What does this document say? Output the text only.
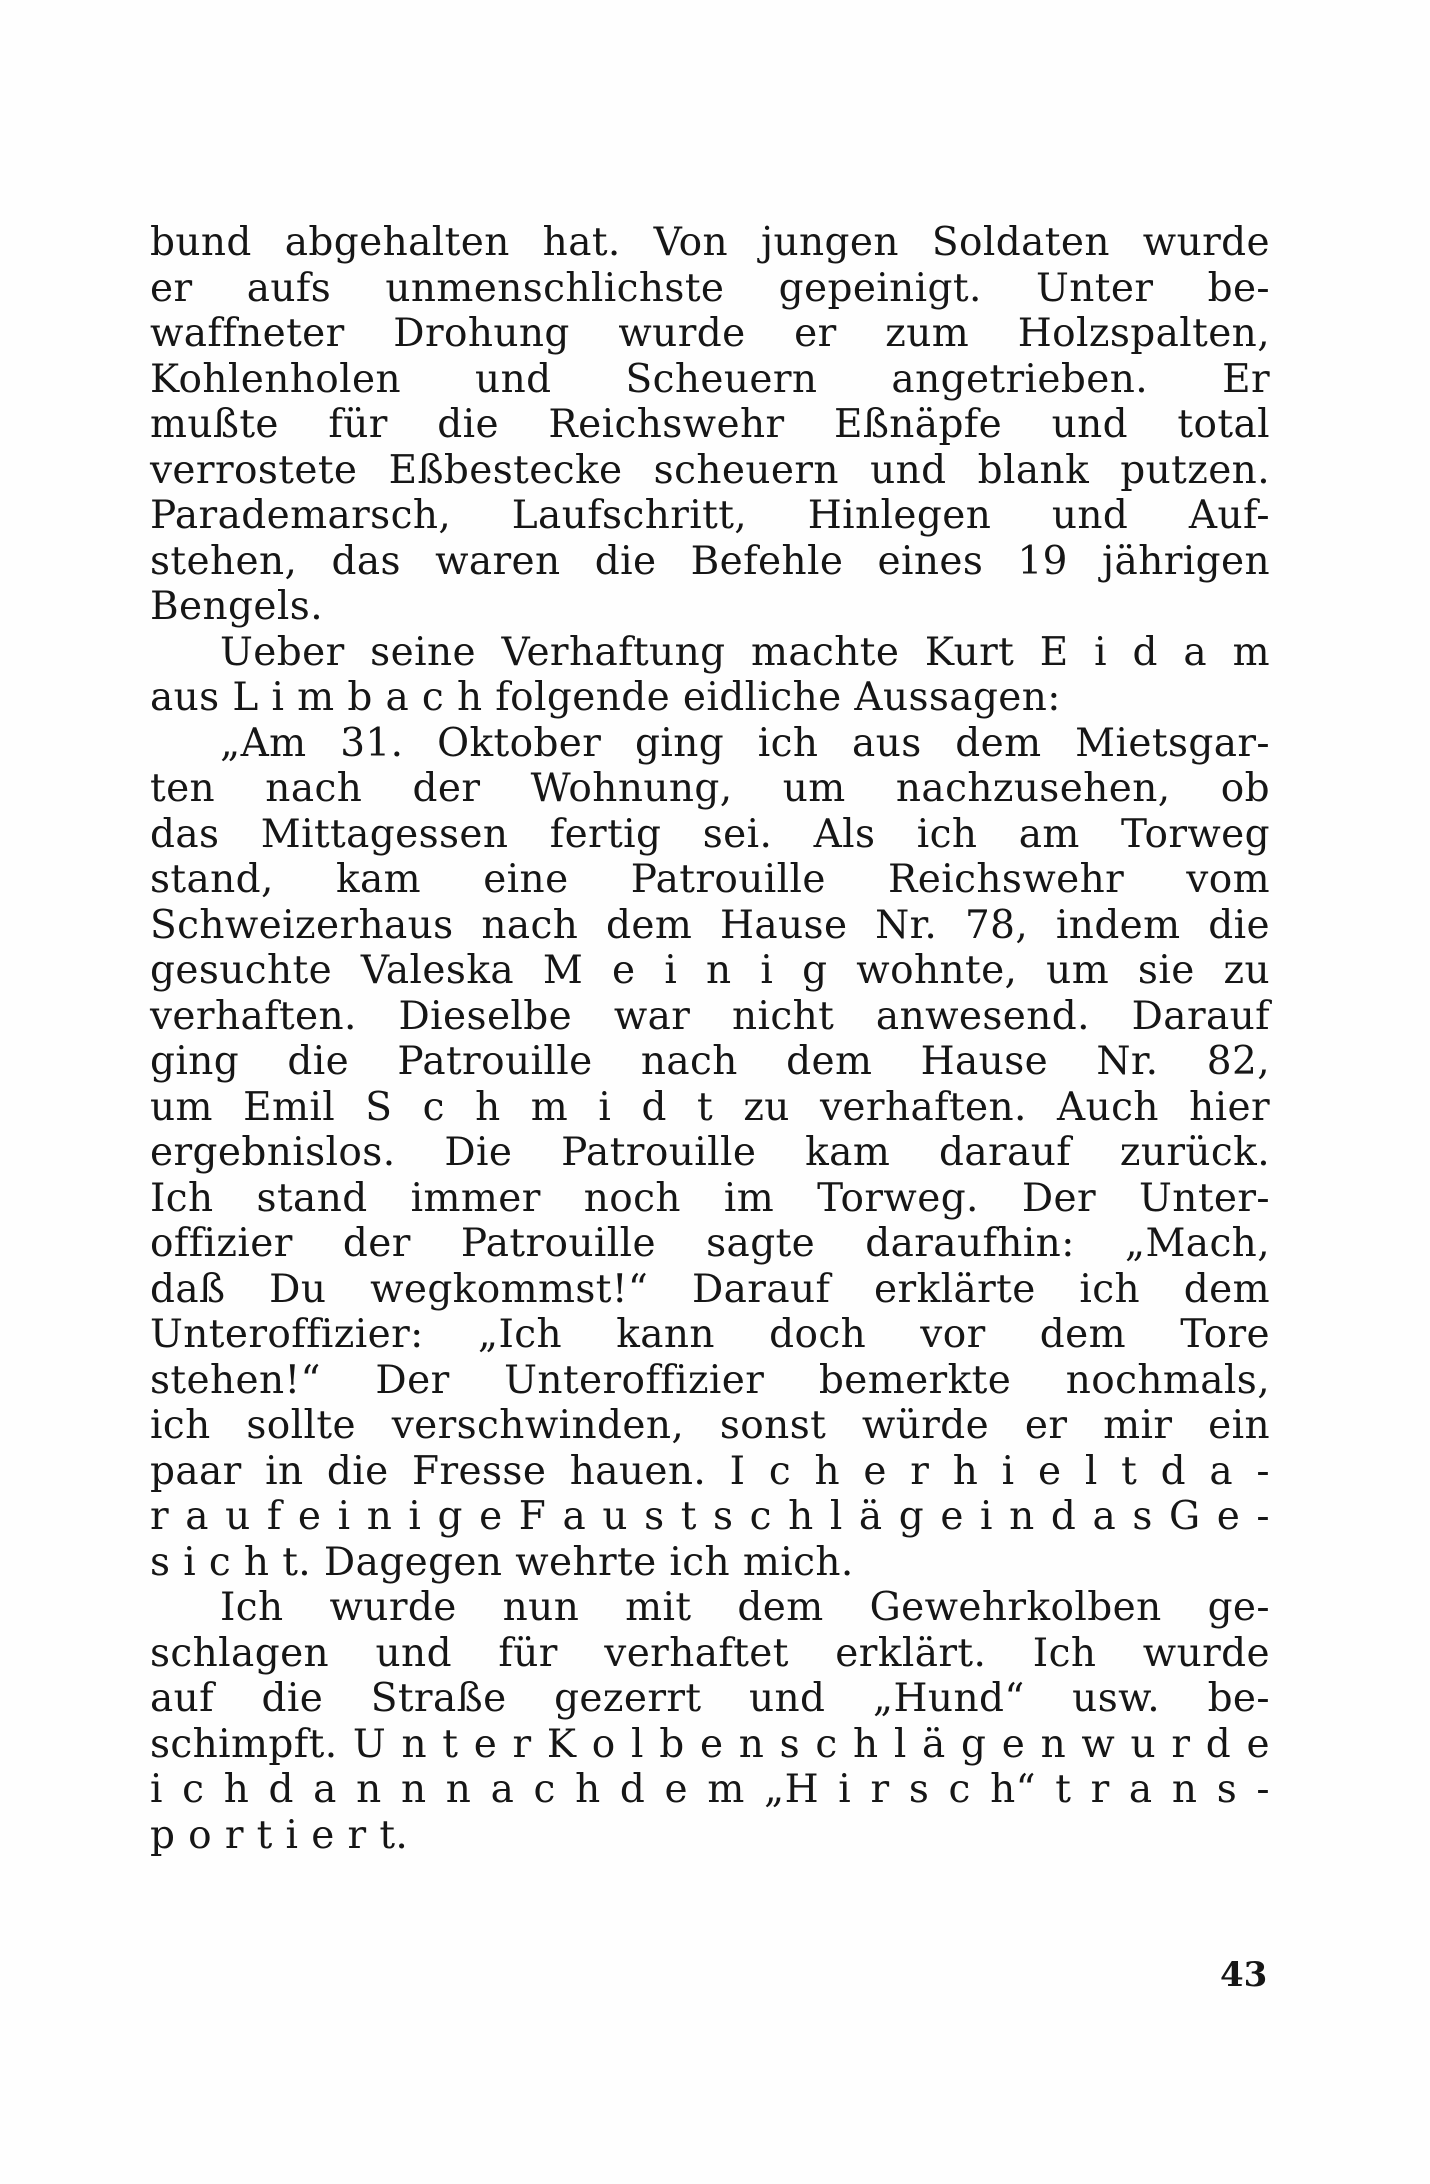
bund abgehalten hat. Von jungen Soldaten wurde
er aufs unmenschlichste gepeinigt. Unter be-
waffneter Drohung wurde er zum Holzspalten,
Kohlenholen und Scheuern angetrieben. Er
mußte für die Reichswehr Eßnäpfe und total
verrostete Eßbestecke scheuern und blank putzen.
Parademarsch, Laufschritt, Hinlegen und Auf-
stehen, das waren die Befehle eines 19 jährigen
Bengels.
Ueber seine Verhaftung machte Kurt E i d a m
aus L i m b a c h folgende eidliche Aussagen:
„Am 31. Oktober ging ich aus dem Mietsgar-
ten nach der Wohnung, um nachzusehen, ob
das Mittagessen fertig sei. Als ich am Torweg
stand, kam eine Patrouille Reichswehr vom
Schweizerhaus nach dem Hause Nr. 78, indem die
gesuchte Valeska M e i n i g wohnte, um sie zu
verhaften. Dieselbe war nicht anwesend. Darauf
ging die Patrouille nach dem Hause Nr. 82,
um Emil S c h m i d t zu verhaften. Auch hier
ergebnislos. Die Patrouille kam darauf zurück.
Ich stand immer noch im Torweg. Der Unter-
offizier der Patrouille sagte daraufhin: „Mach,
daß Du wegkommst!“ Darauf erklärte ich dem
Unteroffizier: „Ich kann doch vor dem Tore
stehen!“ Der Unteroffizier bemerkte nochmals,
ich sollte verschwinden, sonst würde er mir ein
paar in die Fresse hauen. I c h e r h i e l t d a -
r a u f e i n i g e F a u s t s c h l ä g e i n d a s G e -
s i c h t. Dagegen wehrte ich mich.
Ich wurde nun mit dem Gewehrkolben ge-
schlagen und für verhaftet erklärt. Ich wurde
auf die Straße gezerrt und „Hund“ usw. be-
schimpft. U n t e r K o l b e n s c h l ä g e n w u r d e
i c h d a n n n a c h d e m „H i r s c h“ t r a n s -
p o r t i e r t.
43
